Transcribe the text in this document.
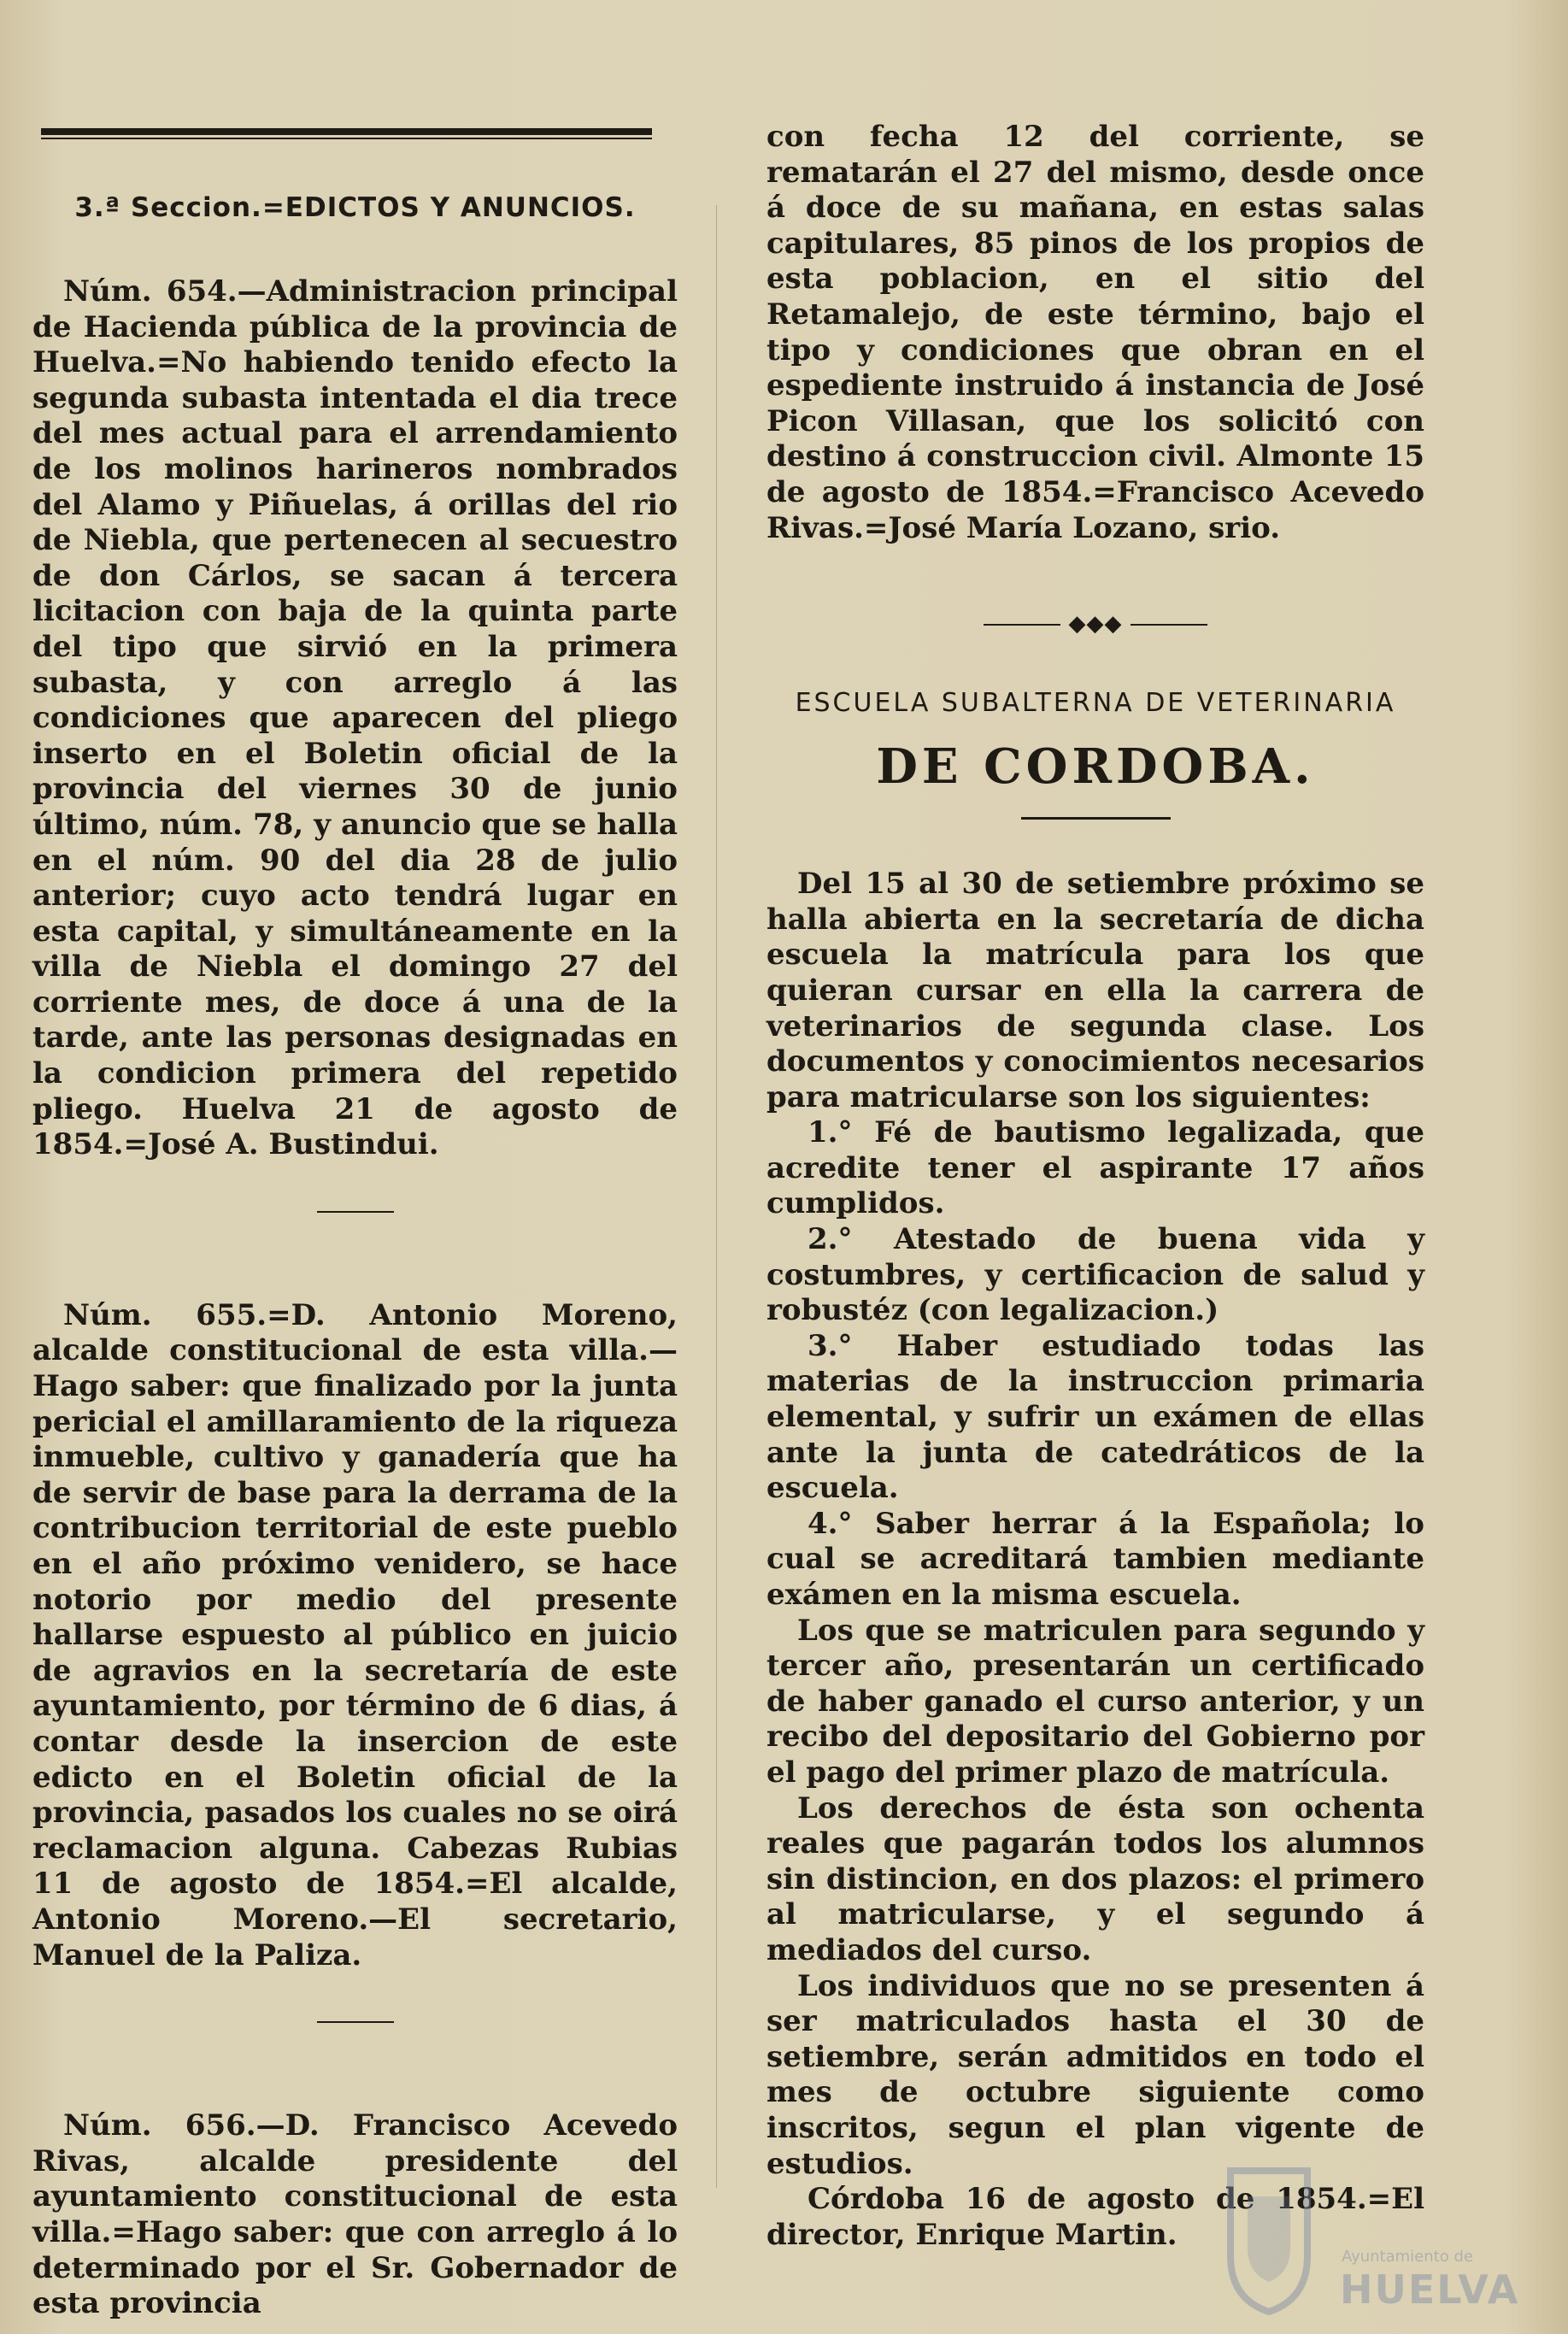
3.ª Seccion.=EDICTOS Y ANUNCIOS.

Núm. 654.—Administracion principal de Hacienda pública de la provincia de Huelva.=No habiendo tenido efecto la segunda subasta intentada el dia trece del mes actual para el arrendamiento de los molinos harineros nombrados del Alamo y Piñuelas, á orillas del rio de Niebla, que pertenecen al secuestro de don Cárlos, se sacan á tercera licitacion con baja de la quinta parte del tipo que sirvió en la primera subasta, y con arreglo á las condiciones que aparecen del pliego inserto en el Boletin oficial de la provincia del viernes 30 de junio último, núm. 78, y anuncio que se halla en el núm. 90 del dia 28 de julio anterior; cuyo acto tendrá lugar en esta capital, y simultáneamente en la villa de Niebla el domingo 27 del corriente mes, de doce á una de la tarde, ante las personas designadas en la condicion primera del repetido pliego. Huelva 21 de agosto de 1854.=José A. Bustindui.

Núm. 655.=D. Antonio Moreno, alcalde constitucional de esta villa.—Hago saber: que finalizado por la junta pericial el amillaramiento de la riqueza inmueble, cultivo y ganadería que ha de servir de base para la derrama de la contribucion territorial de este pueblo en el año próximo venidero, se hace notorio por medio del presente hallarse espuesto al público en juicio de agravios en la secretaría de este ayuntamiento, por término de 6 dias, á contar desde la insercion de este edicto en el Boletin oficial de la provincia, pasados los cuales no se oirá reclamacion alguna. Cabezas Rubias 11 de agosto de 1854.=El alcalde, Antonio Moreno.—El secretario, Manuel de la Paliza.

Núm. 656.—D. Francisco Acevedo Rivas, alcalde presidente del ayuntamiento constitucional de esta villa.=Hago saber: que con arreglo á lo determinado por el Sr. Gobernador de esta provincia

con fecha 12 del corriente, se rematarán el 27 del mismo, desde once á doce de su mañana, en estas salas capitulares, 85 pinos de los propios de esta poblacion, en el sitio del Retamalejo, de este término, bajo el tipo y condiciones que obran en el espediente instruido á instancia de José Picon Villasan, que los solicitó con destino á construccion civil. Almonte 15 de agosto de 1854.=Francisco Acevedo Rivas.=José María Lozano, srio.

◆◆◆
ESCUELA SUBALTERNA DE VETERINARIA
DE CORDOBA.

Del 15 al 30 de setiembre próximo se halla abierta en la secretaría de dicha escuela la matrícula para los que quieran cursar en ella la carrera de veterinarios de segunda clase. Los documentos y conocimientos necesarios para matricularse son los siguientes:

1.° Fé de bautismo legalizada, que acredite tener el aspirante 17 años cumplidos.

2.° Atestado de buena vida y costumbres, y certificacion de salud y robustéz (con legalizacion.)

3.° Haber estudiado todas las materias de la instruccion primaria elemental, y sufrir un exámen de ellas ante la junta de catedráticos de la escuela.

4.° Saber herrar á la Española; lo cual se acreditará tambien mediante exámen en la misma escuela.

Los que se matriculen para segundo y tercer año, presentarán un certificado de haber ganado el curso anterior, y un recibo del depositario del Gobierno por el pago del primer plazo de matrícula.

Los derechos de ésta son ochenta reales que pagarán todos los alumnos sin distincion, en dos plazos: el primero al matricularse, y el segundo á mediados del curso.

Los individuos que no se presenten á ser matriculados hasta el 30 de setiembre, serán admitidos en todo el mes de octubre siguiente como inscritos, segun el plan vigente de estudios.

Córdoba 16 de agosto de 1854.=El director, Enrique Martin.

Ayuntamiento de
HUELVA
